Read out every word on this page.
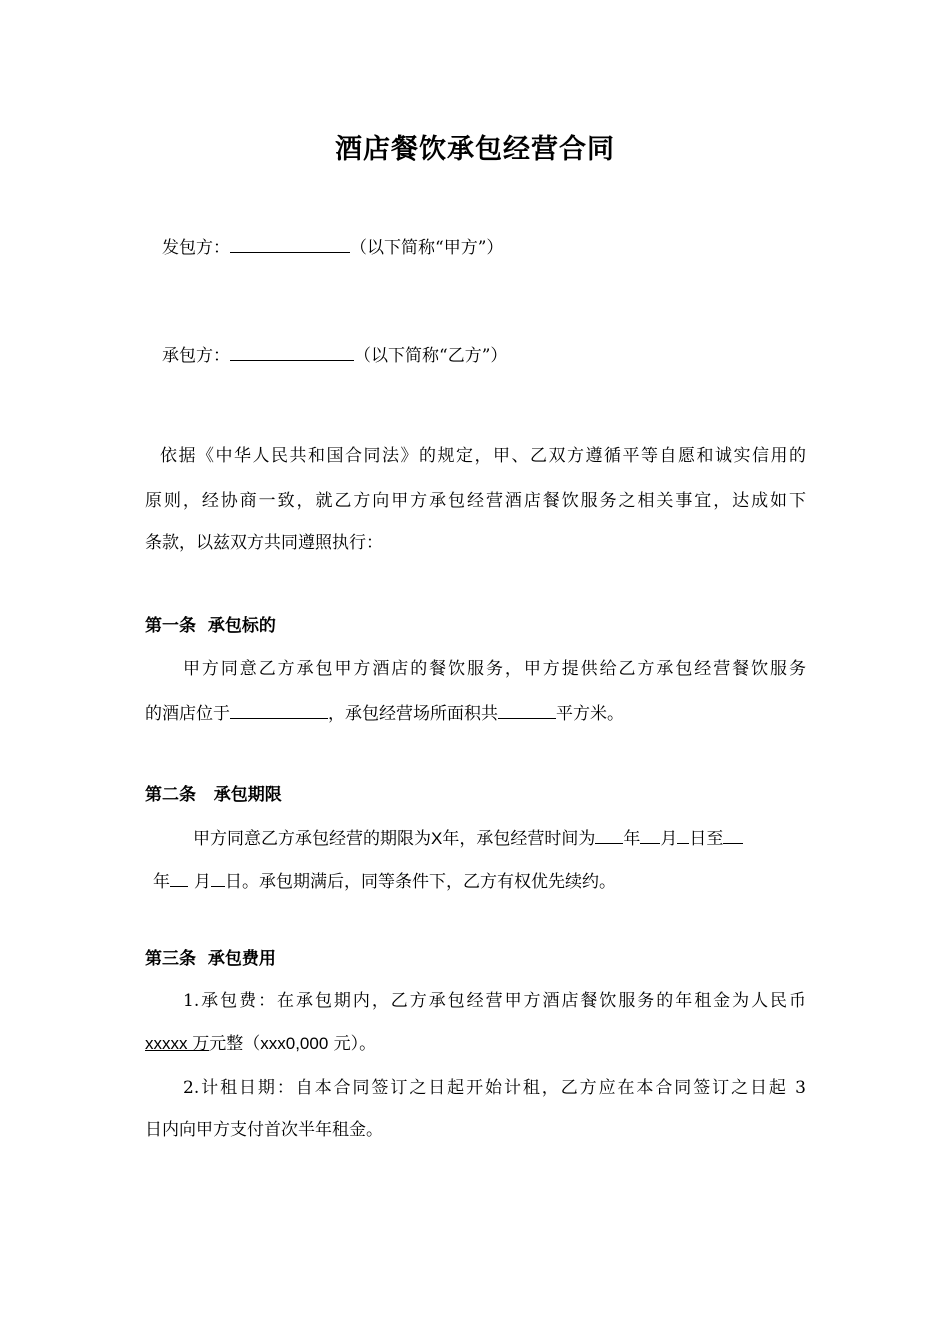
酒店餐饮承包经营合同
发包方：	（以下简称“甲方”）
承包方：	（以下简称“乙方”）
依据《中华人民共和国合同法》的规定，甲、乙双方遵循平等自愿和诚实信用的
原则，经协商一致，就乙方向甲方承包经营酒店餐饮服务之相关事宜，达成如下
条款，以兹双方共同遵照执行：
第一条  承包标的
甲方同意乙方承包甲方酒店的餐饮服务，甲方提供给乙方承包经营餐饮服务
的酒店位于	，承包经营场所面积共	平方米。
第二条   承包期限
甲方同意乙方承包经营的期限为X年，承包经营时间为 年 月 日至
年 月 日。承包期满后，同等条件下，乙方有权优先续约。
第三条  承包费用
1.承包费：在承包期内，乙方承包经营甲方酒店餐饮服务的年租金为人民币
xxxxx 万元整（xxx0,000 元）。
2.计租日期：自本合同签订之日起开始计租，乙方应在本合同签订之日起 3
日内向甲方支付首次半年租金。
